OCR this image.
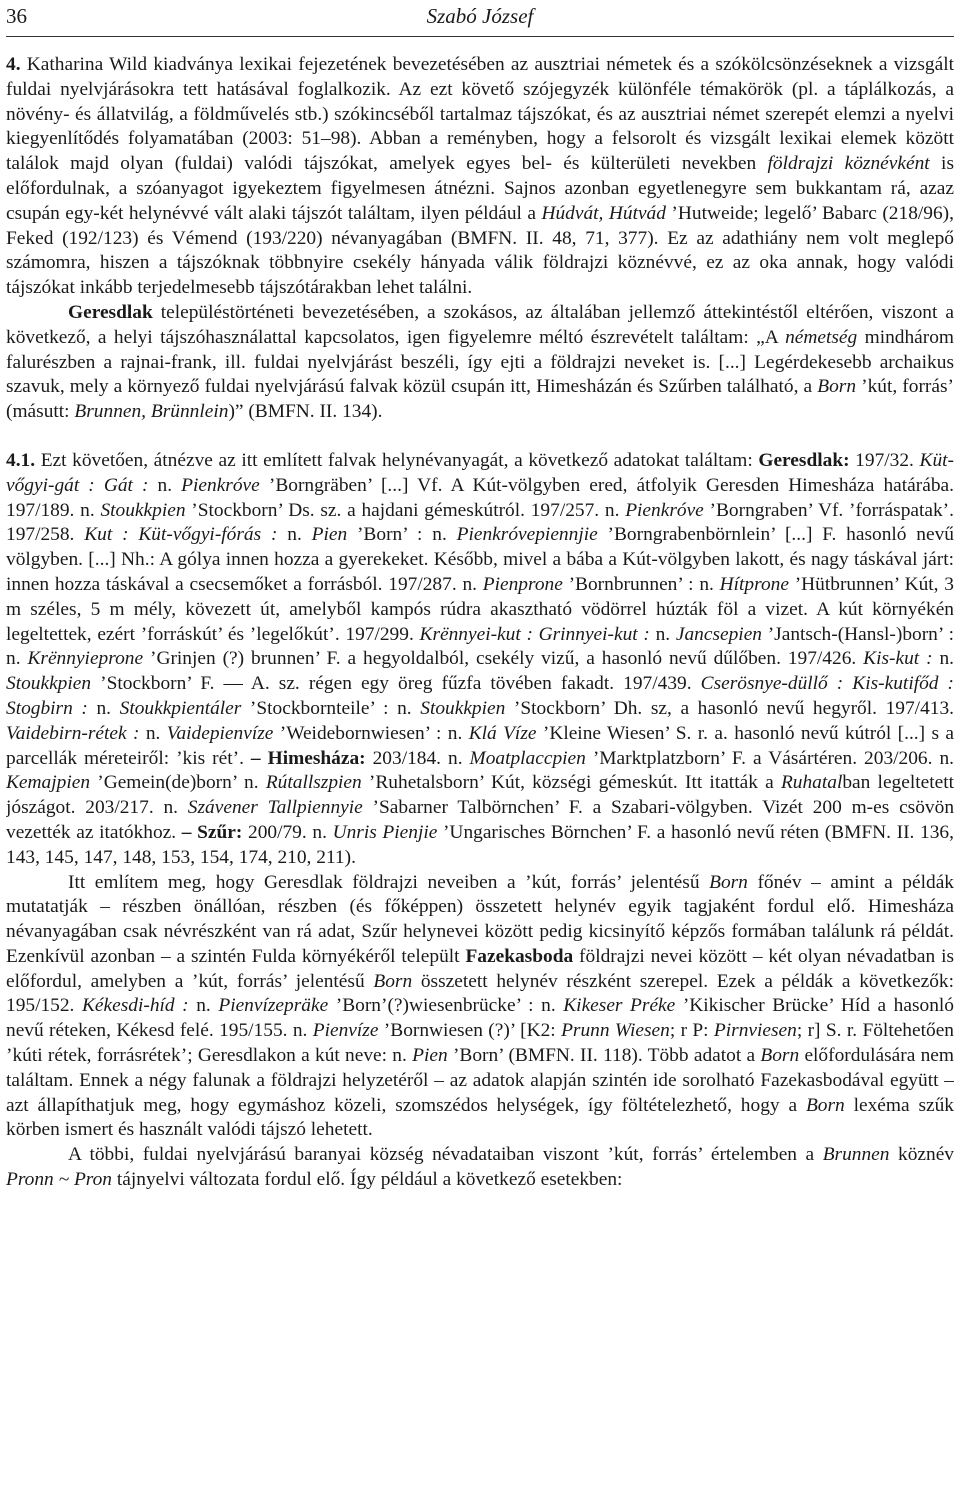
36	Szabó József

4. Katharina Wild kiadványa lexikai fejezetének bevezetésében az ausztriai németek és a szókölcsönzéseknek a vizsgált fuldai nyelvjárásokra tett hatásával foglalkozik. Az ezt követő szójegyzék különféle témakörök (pl. a táplálkozás, a növény- és állatvilág, a földművelés stb.) szókincséből tartalmaz tájszókat, és az ausztriai német szerepét elemzi a nyelvi kiegyenlítődés folyamatában (2003: 51–98). Abban a reményben, hogy a felsorolt és vizsgált lexikai elemek között találok majd olyan (fuldai) valódi tájszókat, amelyek egyes bel- és külterületi nevekben földrajzi köznévként is előfordulnak, a szóanyagot igyekeztem figyelmesen átnézni. Sajnos azonban egyetlenegyre sem bukkantam rá, azaz csupán egy-két helynévvé vált alaki tájszót találtam, ilyen például a Húdvát, Hútvád ’Hutweide; legelő’ Babarc (218/96), Feked (192/123) és Vémend (193/220) névanyagában (BMFN. II. 48, 71, 377). Ez az adathiány nem volt meglepő számomra, hiszen a tájszóknak többnyire csekély hányada válik földrajzi köznévvé, ez az oka annak, hogy valódi tájszókat inkább terjedelmesebb tájszótárakban lehet találni.

Geresdlak településtörténeti bevezetésében, a szokásos, az általában jellemző áttekintéstől eltérően, viszont a következő, a helyi tájszóhasználattal kapcsolatos, igen figyelemre méltó észrevételt találtam: „A németség mindhárom falurészben a rajnai-frank, ill. fuldai nyelvjárást beszéli, így ejti a földrajzi neveket is. [...] Legérdekesebb archaikus szavuk, mely a környező fuldai nyelvjárású falvak közül csupán itt, Himesházán és Szűrben található, a Born ’kút, forrás’ (másutt: Brunnen, Brünnlein)” (BMFN. II. 134).

4.1. Ezt követően, átnézve az itt említett falvak helynévanyagát, a következő adatokat találtam: Geresdlak: 197/32. Küt-vőgyi-gát : Gát : n. Pienkróve ’Borngräben’ [...] Vf. A Kút-völgyben ered, átfolyik Geresden Himesháza határába. 197/189. n. Stoukkpien ’Stockborn’ Ds. sz. a hajdani gémeskútról. 197/257. n. Pienkróve ’Borngraben’ Vf. ’forráspatak’. 197/258. Kut : Küt-vőgyi-fórás : n. Pien ’Born’ : n. Pienkróvepiennjie ’Borngrabenbörnlein’ [...] F. hasonló nevű völgyben. [...] Nh.: A gólya innen hozza a gyerekeket. Később, mivel a bába a Kút-völgyben lakott, és nagy táskával járt: innen hozza táskával a csecsemőket a forrásból. 197/287. n. Pienprone ’Bornbrunnen’ : n. Hítprone ’Hütbrunnen’ Kút, 3 m széles, 5 m mély, kövezett út, amelyből kampós rúdra akasztható vödörrel húzták föl a vizet. A kút környékén legeltettek, ezért ’forráskút’ és ’legelőkút’. 197/299. Krënnyei-kut : Grinnyei-kut : n. Jancsepien ’Jantsch-(Hansl-)born’ : n. Krënnyieprone ’Grinjen (?) brunnen’ F. a hegyoldalból, csekély vizű, a hasonló nevű dűlőben. 197/426. Kis-kut : n. Stoukkpien ’Stockborn’ F. — A. sz. régen egy öreg fűzfa tövében fakadt. 197/439. Cserösnye-düllő : Kis-kutifőd : Stogbirn : n. Stoukkpientáler ’Stockbornteile’ : n. Stoukkpien ’Stockborn’ Dh. sz, a hasonló nevű hegyről. 197/413. Vaidebirn-rétek : n. Vaidepienvíze ’Weidebornwiesen’ : n. Klá Víze ’Kleine Wiesen’ S. r. a. hasonló nevű kútról [...] s a parcellák méreteiről: ’kis rét’. – Himesháza: 203/184. n. Moatplaccpien ’Marktplatzborn’ F. a Vásártéren. 203/206. n. Kemajpien ’Gemein(de)born’ n. Rútallszpien ’Ruhetalsborn’ Kút, községi gémeskút. Itt itatták a Ruhatalban legeltetett jószágot. 203/217. n. Szávener Tallpiennyie ’Sabarner Talbörnchen’ F. a Szabari-völgyben. Vizét 200 m-es csövön vezették az itatókhoz. – Szűr: 200/79. n. Unris Pienjie ’Ungarisches Börnchen’ F. a hasonló nevű réten (BMFN. II. 136, 143, 145, 147, 148, 153, 154, 174, 210, 211).

Itt említem meg, hogy Geresdlak földrajzi neveiben a ’kút, forrás’ jelentésű Born főnév – amint a példák mutatatják – részben önállóan, részben (és főképpen) összetett helynév egyik tagjaként fordul elő. Himesháza névanyagában csak névrészként van rá adat, Szűr helynevei között pedig kicsinyítő képzős formában találunk rá példát. Ezenkívül azonban – a szintén Fulda környékéről települt Fazekasboda földrajzi nevei között – két olyan névadatban is előfordul, amelyben a ’kút, forrás’ jelentésű Born összetett helynév részként szerepel. Ezek a példák a következők: 195/152. Kékesdi-híd : n. Pienvízepräke ’Born’(?)wiesenbrücke’ : n. Kikeser Préke ’Kikischer Brücke’ Híd a hasonló nevű réteken, Kékesd felé. 195/155. n. Pienvíze ’Bornwiesen (?)’ [K2: Prunn Wiesen; r P: Pirnviesen; r] S. r. Föltehetően ’kúti rétek, forrásrétek’; Geresdlakon a kút neve: n. Pien ’Born’ (BMFN. II. 118). Több adatot a Born előfordulására nem találtam. Ennek a négy falunak a földrajzi helyzetéről – az adatok alapján szintén ide sorolható Fazekasbodával együtt – azt állapíthatjuk meg, hogy egymáshoz közeli, szomszédos helységek, így föltételezhető, hogy a Born lexéma szűk körben ismert és használt valódi tájszó lehetett.

A többi, fuldai nyelvjárású baranyai község névadataiban viszont ’kút, forrás’ értelemben a Brunnen köznév Pronn ~ Pron tájnyelvi változata fordul elő. Így például a következő esetekben:
